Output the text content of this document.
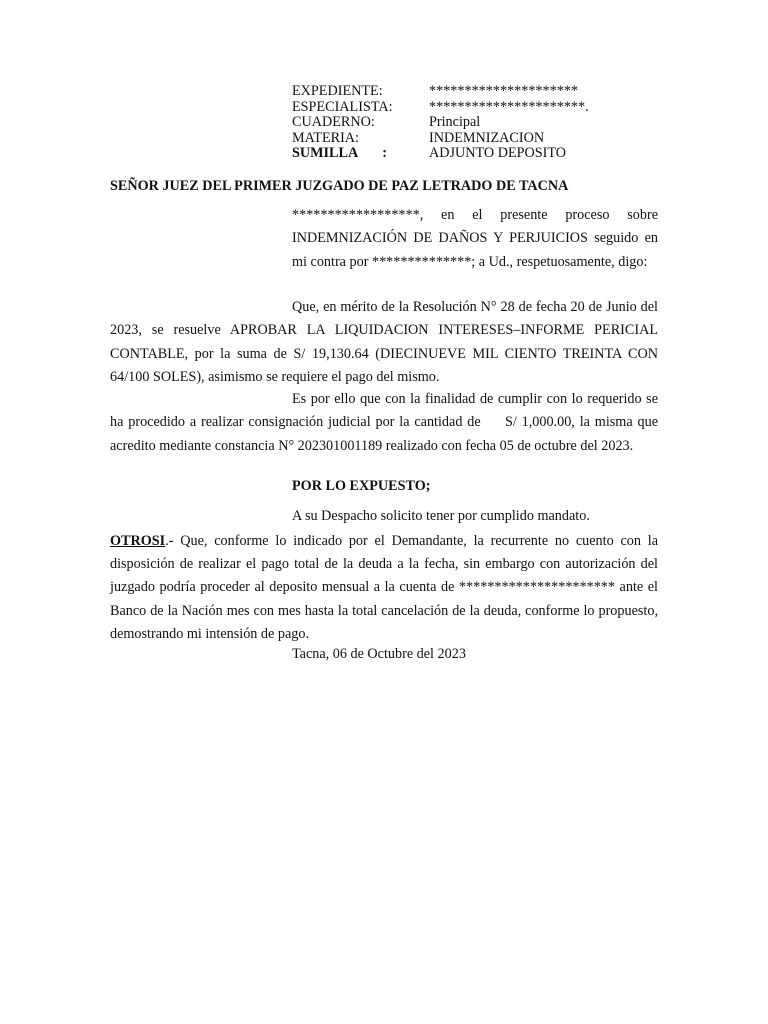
EXPEDIENTE:	*********************
ESPECIALISTA:	**********************.
CUADERNO:	Principal
MATERIA:	INDEMNIZACION
SUMILLA       :	ADJUNTO DEPOSITO
SEÑOR JUEZ DEL PRIMER JUZGADO DE PAZ LETRADO DE TACNA
******************, en el presente proceso sobre INDEMNIZACIÓN DE DAÑOS Y PERJUICIOS seguido en mi contra por **************; a Ud., respetuosamente, digo:
Que, en mérito de la Resolución N° 28 de fecha 20 de Junio del 2023, se resuelve APROBAR LA LIQUIDACION INTERESES–INFORME PERICIAL CONTABLE, por la suma de S/ 19,130.64 (DIECINUEVE MIL CIENTO TREINTA CON 64/100 SOLES), asimismo se requiere el pago del mismo.
Es por ello que con la finalidad de cumplir con lo requerido se ha procedido a realizar consignación judicial por la cantidad de     S/ 1,000.00, la misma que acredito mediante constancia N° 202301001189 realizado con fecha 05 de octubre del 2023.
POR LO EXPUESTO;
A su Despacho solicito tener por cumplido mandato.
OTROSI.- Que, conforme lo indicado por el Demandante, la recurrente no cuento con la disposición de realizar el pago total de la deuda a la fecha, sin embargo con autorización del juzgado podría proceder al deposito mensual a la cuenta de ********************** ante el Banco de la Nación mes con mes hasta la total cancelación de la deuda, conforme lo propuesto, demostrando mi intensión de pago.
Tacna, 06 de Octubre del 2023
